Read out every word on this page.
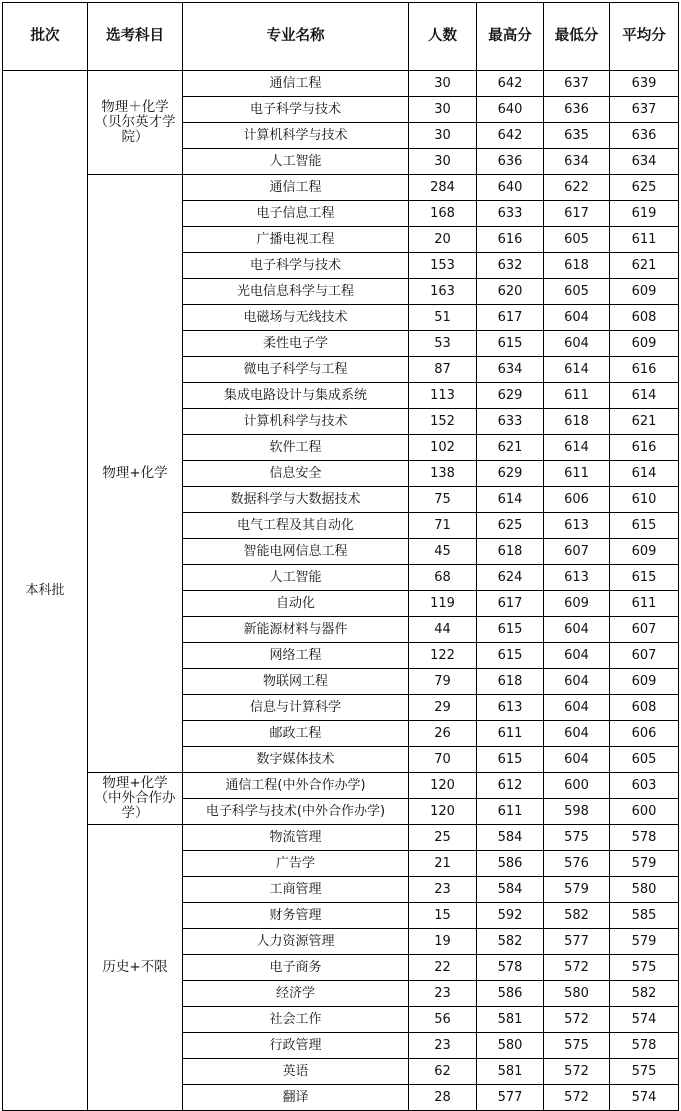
批次	选考科目	专业名称	人数	最高分	最低分	平均分
本科批	物理＋化学（贝尔英才学院）	通信工程	30	642	637	639
		电子科学与技术	30	640	636	637
		计算机科学与技术	30	642	635	636
		人工智能	30	636	634	634
	物理+化学	通信工程	284	640	622	625
		电子信息工程	168	633	617	619
		广播电视工程	20	616	605	611
		电子科学与技术	153	632	618	621
		光电信息科学与工程	163	620	605	609
		电磁场与无线技术	51	617	604	608
		柔性电子学	53	615	604	609
		微电子科学与工程	87	634	614	616
		集成电路设计与集成系统	113	629	611	614
		计算机科学与技术	152	633	618	621
		软件工程	102	621	614	616
		信息安全	138	629	611	614
		数据科学与大数据技术	75	614	606	610
		电气工程及其自动化	71	625	613	615
		智能电网信息工程	45	618	607	609
		人工智能	68	624	613	615
		自动化	119	617	609	611
		新能源材料与器件	44	615	604	607
		网络工程	122	615	604	607
		物联网工程	79	618	604	609
		信息与计算科学	29	613	604	608
		邮政工程	26	611	604	606
		数字媒体技术	70	615	604	605
	物理+化学（中外合作办学）	通信工程(中外合作办学)	120	612	600	603
		电子科学与技术(中外合作办学)	120	611	598	600
	历史+不限	物流管理	25	584	575	578
		广告学	21	586	576	579
		工商管理	23	584	579	580
		财务管理	15	592	582	585
		人力资源管理	19	582	577	579
		电子商务	22	578	572	575
		经济学	23	586	580	582
		社会工作	56	581	572	574
		行政管理	23	580	575	578
		英语	62	581	572	575
		翻译	28	577	572	574
